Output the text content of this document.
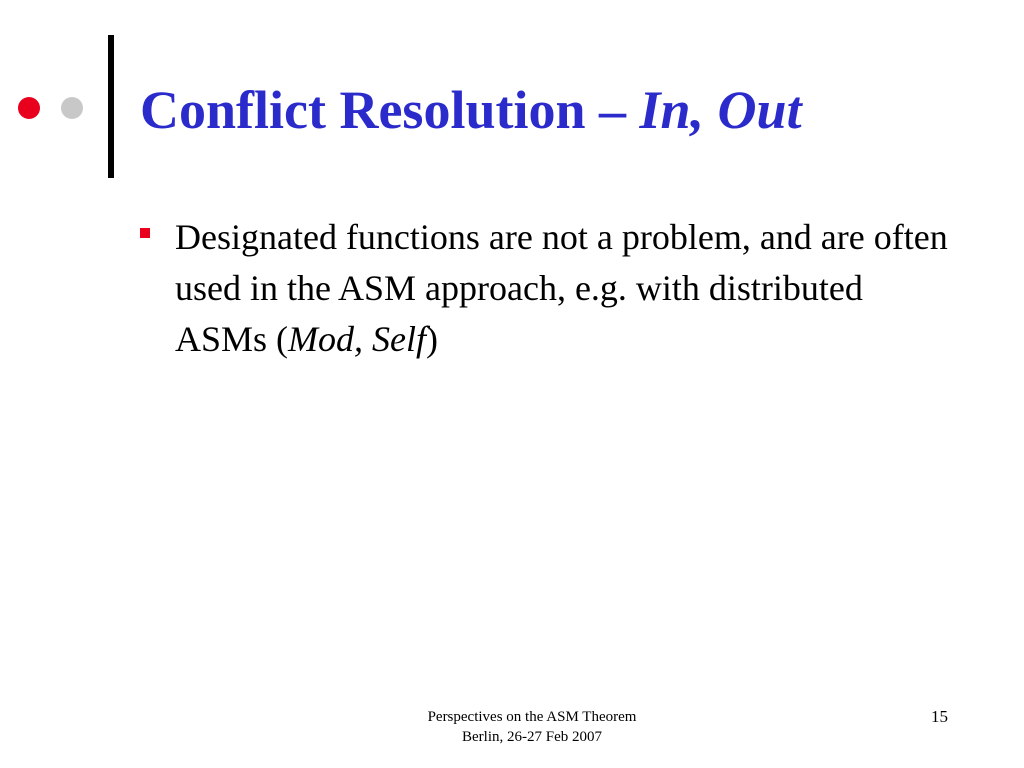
Conflict Resolution – In, Out
Designated functions are not a problem, and are often used in the ASM approach, e.g. with distributed ASMs (Mod, Self)
Perspectives on the ASM Theorem
Berlin, 26-27 Feb 2007
15
